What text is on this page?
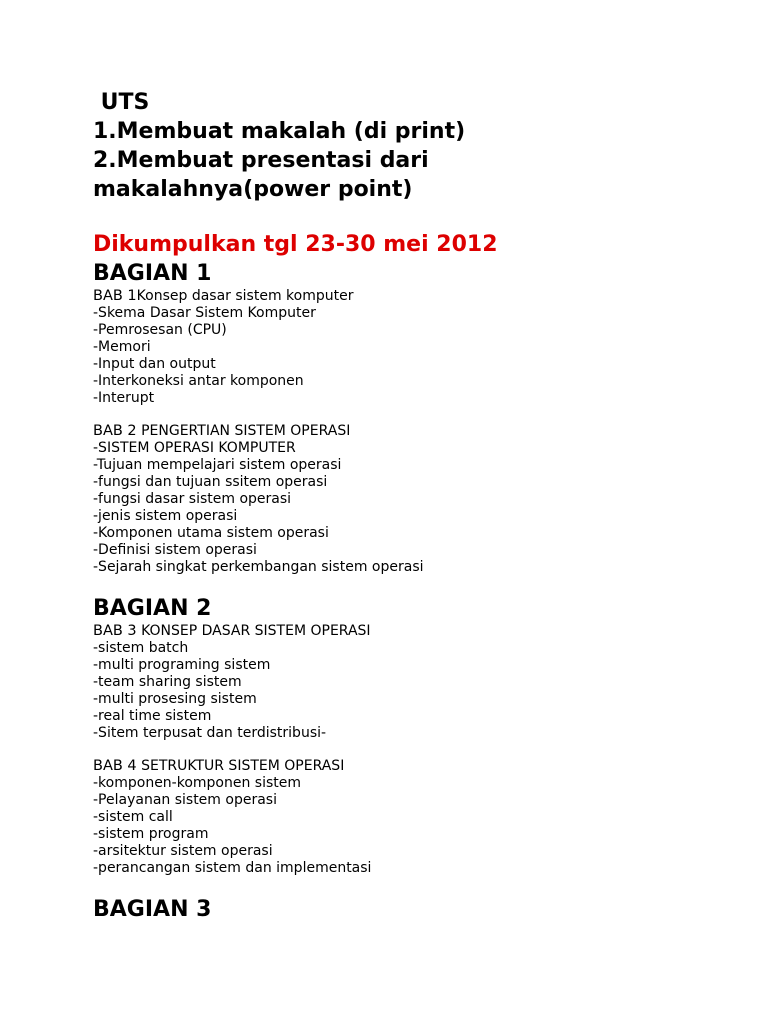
UTS

1.Membuat makalah (di print)

2.Membuat presentasi dari

makalahnya(power point)

Dikumpulkan tgl 23-30 mei 2012

BAGIAN 1

BAB 1Konsep dasar sistem komputer

-Skema Dasar Sistem Komputer

-Pemrosesan (CPU)

-Memori

-Input dan output

-Interkoneksi antar komponen

-Interupt

BAB 2 PENGERTIAN SISTEM OPERASI

-SISTEM OPERASI KOMPUTER

-Tujuan mempelajari sistem operasi

-fungsi dan tujuan ssitem operasi

-fungsi dasar sistem operasi

-jenis sistem operasi

-Komponen utama sistem operasi

-Definisi sistem operasi

-Sejarah singkat perkembangan sistem operasi

BAGIAN 2

BAB 3 KONSEP DASAR SISTEM OPERASI

-sistem batch

-multi programing sistem

-team sharing sistem

-multi prosesing sistem

-real time sistem

-Sitem terpusat dan terdistribusi-

BAB 4 SETRUKTUR SISTEM OPERASI

-komponen-komponen sistem

-Pelayanan sistem operasi

-sistem call

-sistem program

-arsitektur sistem operasi

-perancangan sistem dan implementasi

BAGIAN 3
